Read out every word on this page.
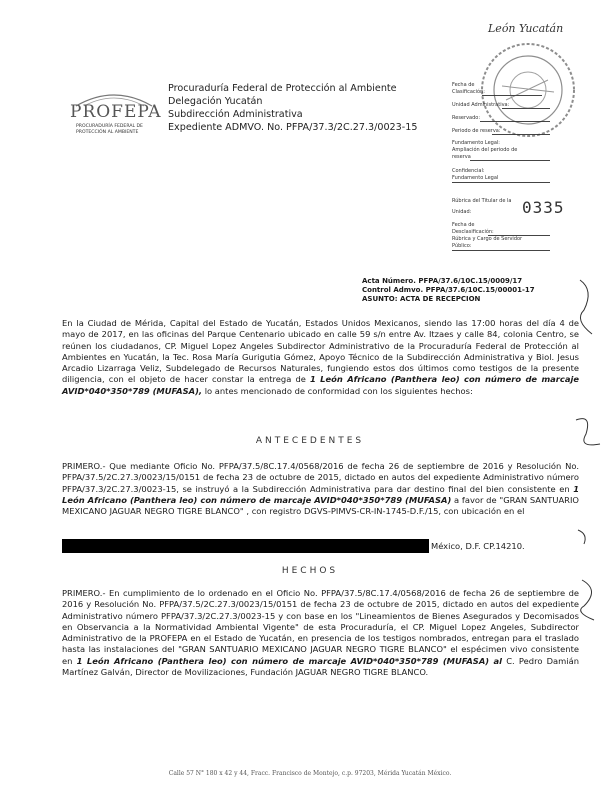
León Yucatán
PROFEPA
PROCURADURÍA FEDERAL DE
PROTECCIÓN AL AMBIENTE
Procuraduría Federal de Protección al Ambiente
Delegación Yucatán
Subdirección Administrativa
Expediente ADMVO. No. PFPA/37.3/2C.27.3/0023-15
Fecha de
Clasificación:
Unidad Administrativa:
Reservado:
Periodo de reserva:
Fundamento Legal:
Ampliación del periodo de
reserva
Confidencial:
Fundamento Legal
Rúbrica del Titular de la
Unidad:
Fecha de
Desclasificación:
Rúbrica y Cargo de Servidor
Público:
0335
Acta Número. PFPA/37.6/10C.15/0009/17
Control Admvo. PFPA/37.6/10C.15/00001-17
ASUNTO: ACTA DE RECEPCION
En la Ciudad de Mérida, Capital del Estado de Yucatán, Estados Unidos Mexicanos, siendo las 17:00 horas del día 4 de mayo de 2017, en las oficinas del Parque Centenario ubicado en calle 59 s/n entre Av. Itzaes y calle 84, colonia Centro, se reúnen los ciudadanos, CP. Miguel Lopez Angeles Subdirector Administrativo de la Procuraduría Federal de Protección al Ambientes en Yucatán, la Tec. Rosa María Gurigutia Gómez, Apoyo Técnico de la Subdirección Administrativa y Biol. Jesus Arcadio Lizarraga Veliz, Subdelegado de Recursos Naturales, fungiendo estos dos últimos como testigos de la presente diligencia, con el objeto de hacer constar la entrega de 1 León Africano (Panthera leo) con número de marcaje AVID*040*350*789 (MUFASA), lo antes mencionado de conformidad con los siguientes hechos:
ANTECEDENTES
PRIMERO.- Que mediante Oficio No. PFPA/37.5/8C.17.4/0568/2016 de fecha 26 de septiembre de 2016 y Resolución No. PFPA/37.5/2C.27.3/0023/15/0151 de fecha 23 de octubre de 2015, dictado en autos del expediente Administrativo número PFPA/37.3/2C.27.3/0023-15, se instruyó a la Subdirección Administrativa para dar destino final del bien consistente en 1 León Africano (Panthera leo) con número de marcaje AVID*040*350*789 (MUFASA) a favor de "GRAN SANTUARIO MEXICANO JAGUAR NEGRO TIGRE BLANCO" , con registro DGVS-PIMVS-CR-IN-1745-D.F./15, con ubicación en el
México, D.F. CP.14210.
HECHOS
PRIMERO.- En cumplimiento de lo ordenado en el Oficio No. PFPA/37.5/8C.17.4/0568/2016 de fecha 26 de septiembre de 2016 y Resolución No. PFPA/37.5/2C.27.3/0023/15/0151 de fecha 23 de octubre de 2015, dictado en autos del expediente Administrativo número PFPA/37.3/2C.27.3/0023-15 y con base en los "Lineamientos de Bienes Asegurados y Decomisados en Observancia a la Normatividad Ambiental Vigente" de esta Procuraduría, el CP. Miguel Lopez Angeles, Subdirector Administrativo de la PROFEPA en el Estado de Yucatán, en presencia de los testigos nombrados, entregan para el traslado hasta las instalaciones del "GRAN SANTUARIO MEXICANO JAGUAR NEGRO TIGRE BLANCO" el espécimen vivo consistente en 1 León Africano (Panthera leo) con número de marcaje AVID*040*350*789 (MUFASA) al C. Pedro Damián Martínez Galván, Director de Movilizaciones, Fundación JAGUAR NEGRO TIGRE BLANCO.
Calle 57 N° 180 x 42 y 44, Fracc. Francisco de Montejo, c.p. 97203, Mérida Yucatán México.
